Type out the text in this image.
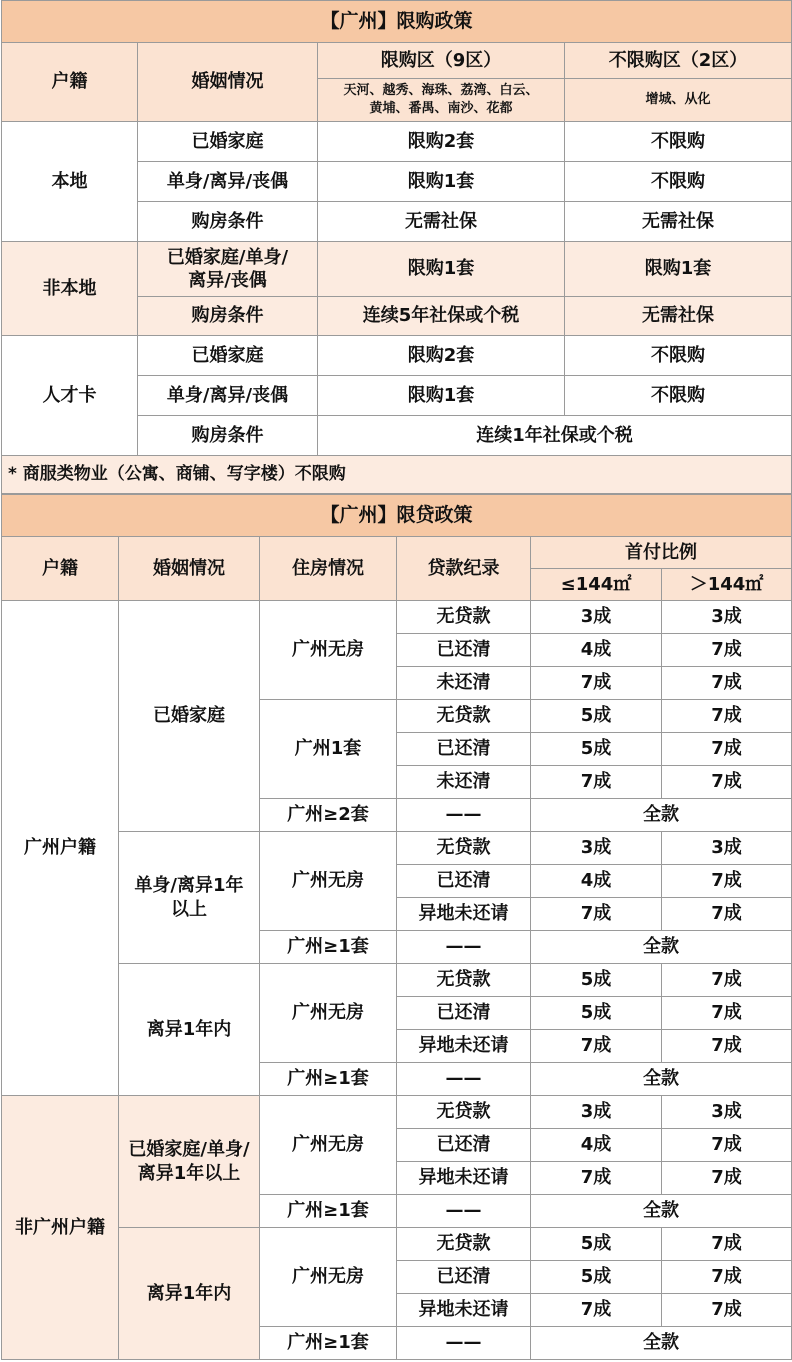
【广州】限购政策			
户籍	婚姻情况	限购区（9区）	不限购区（2区）

		天河、越秀、海珠、荔湾、白云、
黄埔、番禺、南沙、花都	增城、从化
本地	已婚家庭	限购2套	不限购
	单身/离异/丧偶	限购1套	不限购
	购房条件	无需社保	无需社保
非本地	已婚家庭/单身/
离异/丧偶	限购1套	限购1套
	购房条件	连续5年社保或个税	无需社保
人才卡	已婚家庭	限购2套	不限购
	单身/离异/丧偶	限购1套	不限购
	购房条件	连续1年社保或个税	
* 商服类物业（公寓、商铺、写字楼）不限购			
【广州】限贷政策					
户籍	婚姻情况	住房情况	贷款纪录	首付比例	
				≤144㎡	＞144㎡
广州户籍	已婚家庭	广州无房	无贷款	3成	3成
			已还清	4成	7成
			未还清	7成	7成
		广州1套	无贷款	5成	7成
			已还清	5成	7成
			未还清	7成	7成
		广州≥2套	——	全款	

	单身/离异1年
以上	广州无房	无贷款	3成	3成
			已还清	4成	7成
			异地未还请	7成	7成
		广州≥1套	——	全款	

	离异1年内	广州无房	无贷款	5成	7成
			已还清	5成	7成
			异地未还请	7成	7成
		广州≥1套	——	全款	
非广州户籍	已婚家庭/单身/
离异1年以上	广州无房	无贷款	3成	3成
			已还清	4成	7成
			异地未还请	7成	7成
		广州≥1套	——	全款	

	离异1年内	广州无房	无贷款	5成	7成
			已还清	5成	7成
			异地未还请	7成	7成
		广州≥1套	——	全款	
